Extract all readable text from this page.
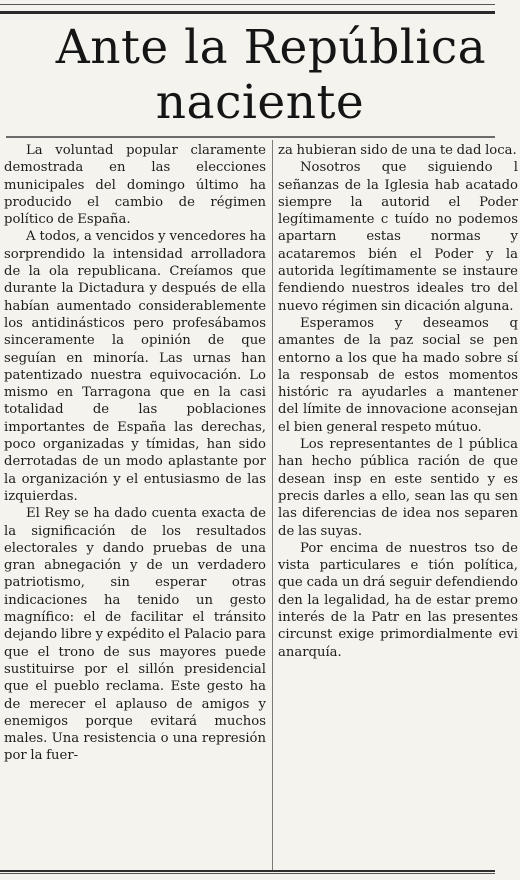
Ante la República
naciente

La voluntad popular claramente demostrada en las elecciones municipales del domingo último ha producido el cambio de régimen político de España.

A todos, a vencidos y vencedores ha sorprendido la intensidad arrolladora de la ola republicana. Creíamos que durante la Dictadura y después de ella habían aumentado considerablemente los antidinásticos pero profesábamos sinceramente la opinión de que seguían en minoría. Las urnas han patentizado nuestra equivocación. Lo mismo en Tarragona que en la casi totalidad de las poblaciones importantes de España las derechas, poco organizadas y tímidas, han sido derrotadas de un modo aplastante por la organización y el entusiasmo de las izquierdas.

El Rey se ha dado cuenta exacta de la significación de los resultados electorales y dando pruebas de una gran abnegación y de un verdadero patriotismo, sin esperar otras indicaciones ha tenido un gesto magnífico: el de facilitar el tránsito dejando libre y expédito el Palacio para que el trono de sus mayores puede sustituirse por el sillón presidencial que el pueblo reclama. Este gesto ha de merecer el aplauso de amigos y enemigos porque evitará muchos males. Una resistencia o una represión por la fuer-

za hubieran sido de una te dad loca.

Nosotros que siguiendo l señanzas de la Iglesia hab acatado siempre la autorid el Poder legítimamente c tuído no podemos apartarn estas normas y acataremos bién el Poder y la autorida legítimamente se instaure fendiendo nuestros ideales tro del nuevo régimen sin dicación alguna.

Esperamos y deseamos q amantes de la paz social se pen entorno a los que ha mado sobre sí la responsab de estos momentos históric ra ayudarles a mantener del límite de innovacione aconsejan el bien general respeto mútuo.

Los representantes de l pública han hecho pública ración de que desean insp en este sentido y es precis darles a ello, sean las qu sen las diferencias de idea nos separen de las suyas.

Por encima de nuestros tso de vista particulares e tión política, que cada un drá seguir defendiendo den la legalidad, ha de estar premo interés de la Patr en las presentes circunst exige primordialmente evi anarquía.
